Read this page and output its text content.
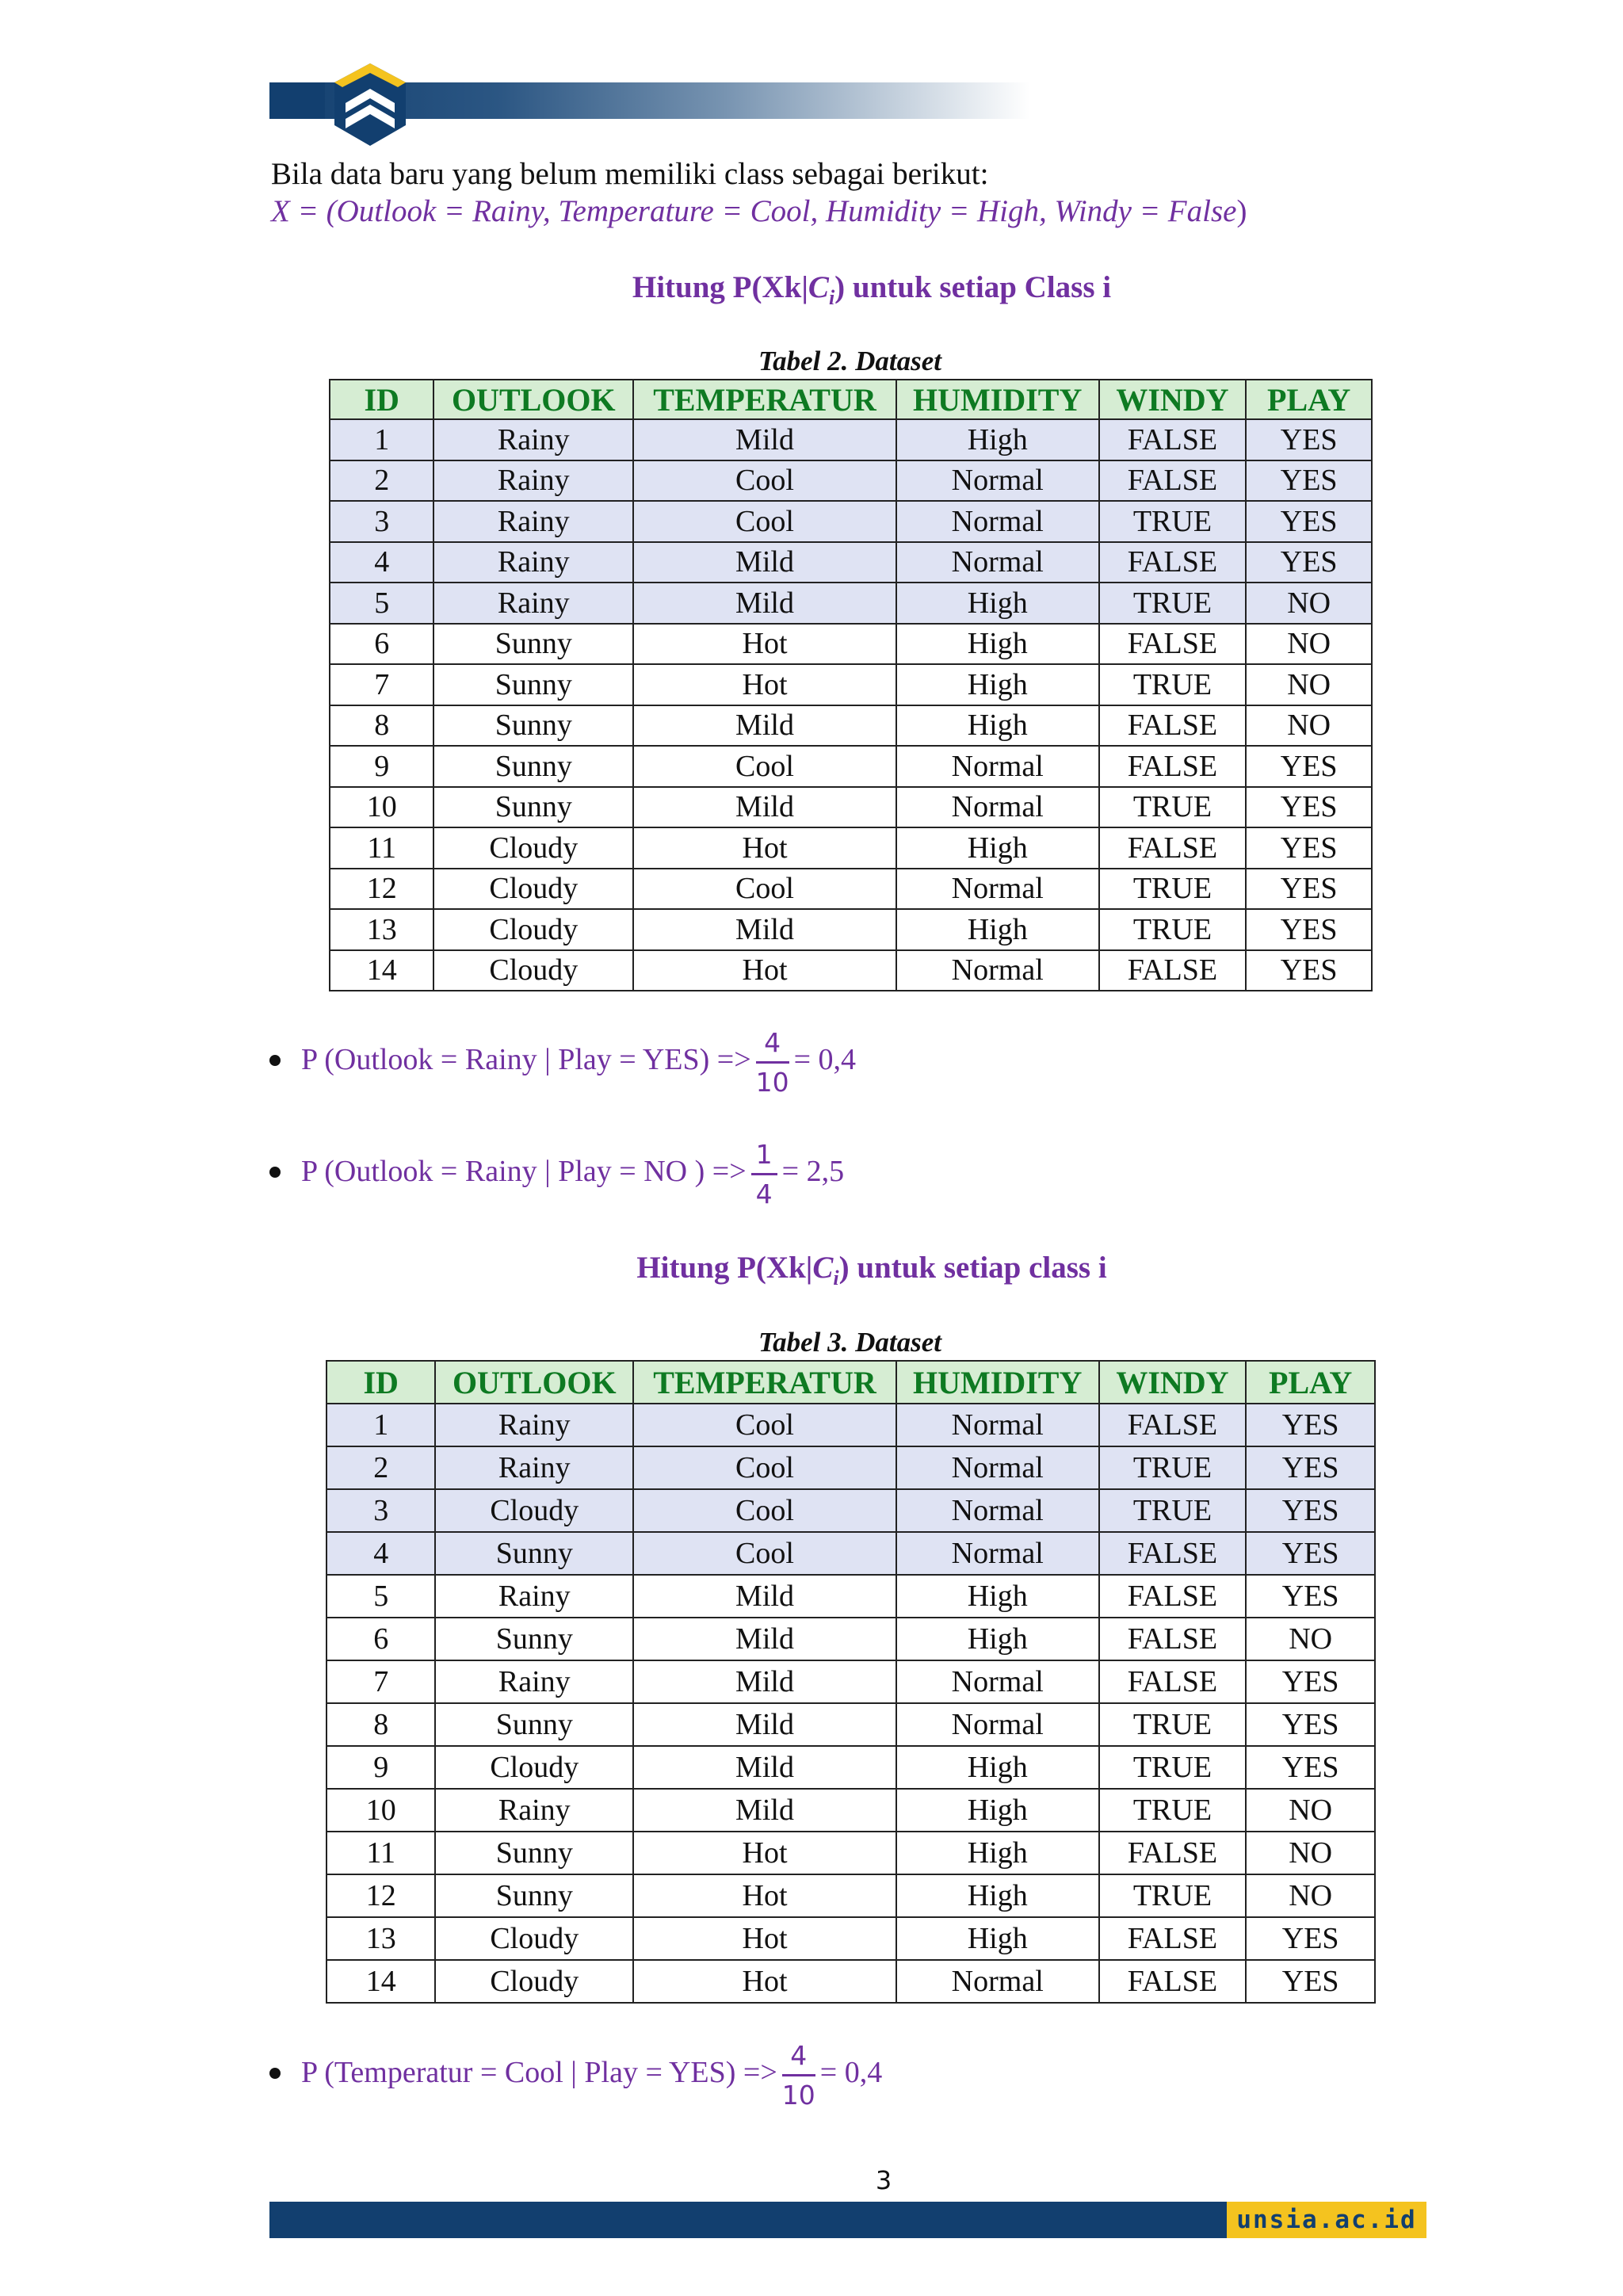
Bila data baru yang belum memiliki class sebagai berikut:
X = (Outlook = Rainy, Temperature = Cool, Humidity = High, Windy = False)
Hitung $P(Xk|C_i)$ untuk setiap Class i
Tabel 2. Dataset
ID	OUTLOOK	TEMPERATUR	HUMIDITY	WINDY	PLAY
1	Rainy	Mild	High	FALSE	YES
2	Rainy	Cool	Normal	FALSE	YES
3	Rainy	Cool	Normal	TRUE	YES
4	Rainy	Mild	Normal	FALSE	YES
5	Rainy	Mild	High	TRUE	NO
6	Sunny	Hot	High	FALSE	NO
7	Sunny	Hot	High	TRUE	NO
8	Sunny	Mild	High	FALSE	NO
9	Sunny	Cool	Normal	FALSE	YES
10	Sunny	Mild	Normal	TRUE	YES
11	Cloudy	Hot	High	FALSE	YES
12	Cloudy	Cool	Normal	TRUE	YES
13	Cloudy	Mild	High	TRUE	YES
14	Cloudy	Hot	Normal	FALSE	YES
P (Outlook = Rainy | Play = $YES) => \frac{4}{10} = 0,4$
P (Outlook = Rainy | Play = NO ) => $\frac{1}{4} = 2,5$
Hitung $P(Xk|C_i)$ untuk setiap class i
Tabel 3. Dataset
ID	OUTLOOK	TEMPERATUR	HUMIDITY	WINDY	PLAY
1	Rainy	Cool	Normal	FALSE	YES
2	Rainy	Cool	Normal	TRUE	YES
3	Cloudy	Cool	Normal	TRUE	YES
4	Sunny	Cool	Normal	FALSE	YES
5	Rainy	Mild	High	FALSE	YES
6	Sunny	Mild	High	FALSE	NO
7	Rainy	Mild	Normal	FALSE	YES
8	Sunny	Mild	Normal	TRUE	YES
9	Cloudy	Mild	High	TRUE	YES
10	Rainy	Mild	High	TRUE	NO
11	Sunny	Hot	High	FALSE	NO
12	Sunny	Hot	High	TRUE	NO
13	Cloudy	Hot	High	FALSE	YES
14	Cloudy	Hot	Normal	FALSE	YES
P (Temperatur = Cool | Play = $YES) => \frac{4}{10} = 0,4$
3
unsia.ac.id
